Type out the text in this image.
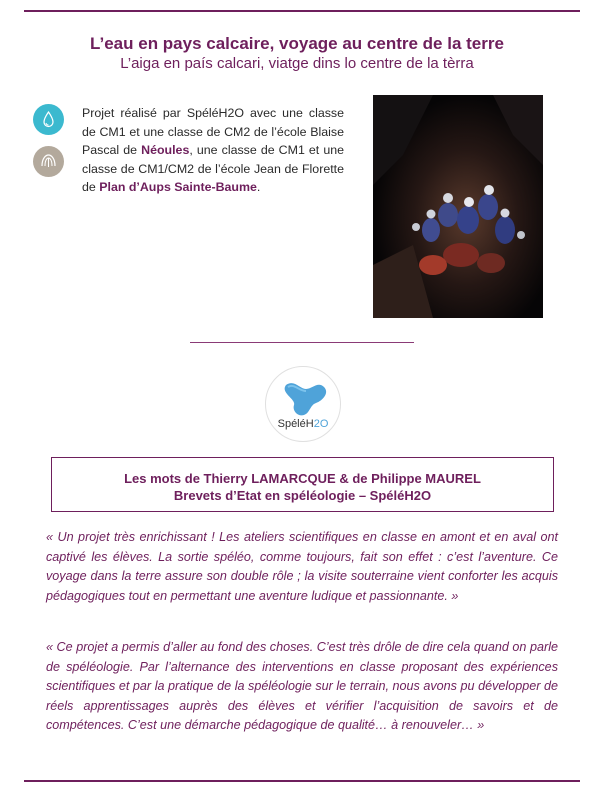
L’eau en pays calcaire, voyage au centre de la terre
L’aiga en país calcari, viatge dins lo centre de la tèrra
Projet réalisé par SpéléH2O avec une classe de CM1 et une classe de CM2 de l’école Blaise Pascal de Néoules, une classe de CM1 et une classe de CM1/CM2 de l’école Jean de Florette de Plan d’Aups Sainte-Baume.
SpéléH2O
Les mots de Thierry LAMARCQUE & de Philippe MAUREL
Brevets d’Etat en spéléologie – SpéléH2O
« Un projet très enrichissant ! Les ateliers scientifiques en classe en amont et en aval ont captivé les élèves. La sortie spéléo, comme toujours, fait son effet : c’est l’aventure. Ce voyage dans la terre assure son double rôle ; la visite souterraine vient conforter les acquis pédagogiques tout en permettant une aventure ludique et passionnante. »
« Ce projet a permis d’aller au fond des choses. C’est très drôle de dire cela quand on parle de spéléologie. Par l’alternance des interventions en classe proposant des expériences scientifiques et par la pratique de la spéléologie sur le terrain, nous avons pu développer de réels apprentissages auprès des élèves et vérifier l’acquisition de savoirs et de compétences. C’est une démarche pédagogique de qualité… à renouveler… »
